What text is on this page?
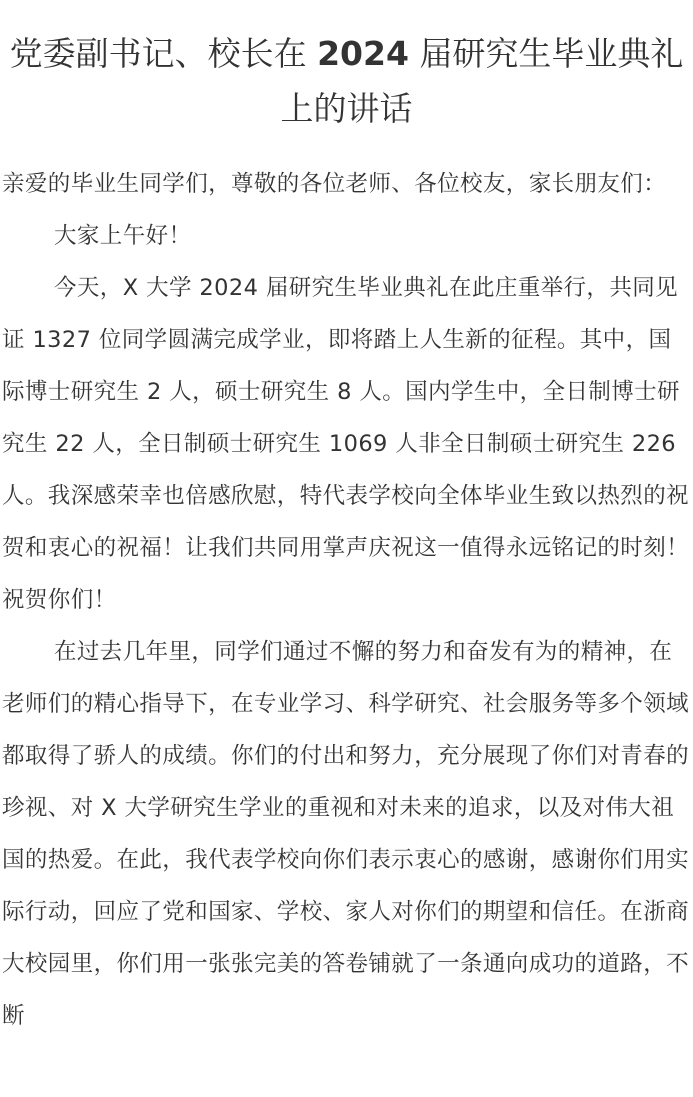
党委副书记、校长在 2024 届研究生毕业典礼上的讲话

亲爱的毕业生同学们，尊敬的各位老师、各位校友，家长朋友们：

大家上午好！

今天，X 大学 2024 届研究生毕业典礼在此庄重举行，共同见证 1327 位同学圆满完成学业，即将踏上人生新的征程。其中，国际博士研究生 2 人，硕士研究生 8 人。国内学生中，全日制博士研究生 22 人，全日制硕士研究生 1069 人非全日制硕士研究生 226 人。我深感荣幸也倍感欣慰，特代表学校向全体毕业生致以热烈的祝贺和衷心的祝福！让我们共同用掌声庆祝这一值得永远铭记的时刻！祝贺你们！

在过去几年里，同学们通过不懈的努力和奋发有为的精神，在老师们的精心指导下，在专业学习、科学研究、社会服务等多个领域都取得了骄人的成绩。你们的付出和努力，充分展现了你们对青春的珍视、对 X 大学研究生学业的重视和对未来的追求，以及对伟大祖国的热爱。在此，我代表学校向你们表示衷心的感谢，感谢你们用实际行动，回应了党和国家、学校、家人对你们的期望和信任。在浙商大校园里，你们用一张张完美的答卷铺就了一条通向成功的道路，不断
